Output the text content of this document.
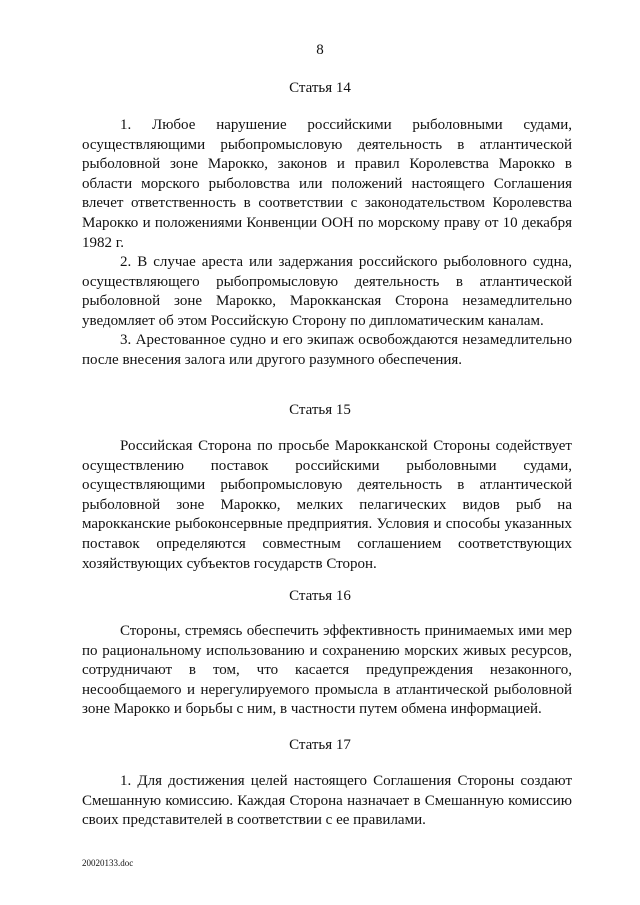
8
Статья 14

1. Любое нарушение российскими рыболовными судами, осуществляющими рыбопромысловую деятельность в атлантической рыболовной зоне Марокко, законов и правил Королевства Марокко в области морского рыболовства или положений настоящего Соглашения влечет ответственность в соответствии с законодательством Королевства Марокко и положениями Конвенции ООН по морскому праву от 10 декабря 1982 г.

2. В случае ареста или задержания российского рыболовного судна, осуществляющего рыбопромысловую деятельность в атлантической рыболовной зоне Марокко, Марокканская Сторона незамедлительно уведомляет об этом Российскую Сторону по дипломатическим каналам.

3. Арестованное судно и его экипаж освобождаются незамедлительно после внесения залога или другого разумного обеспечения.

Статья 15

Российская Сторона по просьбе Марокканской Стороны содействует осуществлению поставок российскими рыболовными судами, осуществляющими рыбопромысловую деятельность в атлантической рыболовной зоне Марокко, мелких пелагических видов рыб на марокканские рыбоконсервные предприятия. Условия и способы указанных поставок определяются совместным соглашением соответствующих хозяйствующих субъектов государств Сторон.

Статья 16

Стороны, стремясь обеспечить эффективность принимаемых ими мер по рациональному использованию и сохранению морских живых ресурсов, сотрудничают в том, что касается предупреждения незаконного, несообщаемого и нерегулируемого промысла в атлантической рыболовной зоне Марокко и борьбы с ним, в частности путем обмена информацией.

Статья 17

1. Для достижения целей настоящего Соглашения Стороны создают Смешанную комиссию. Каждая Сторона назначает в Смешанную комиссию своих представителей в соответствии с ее правилами.

20020133.doc
